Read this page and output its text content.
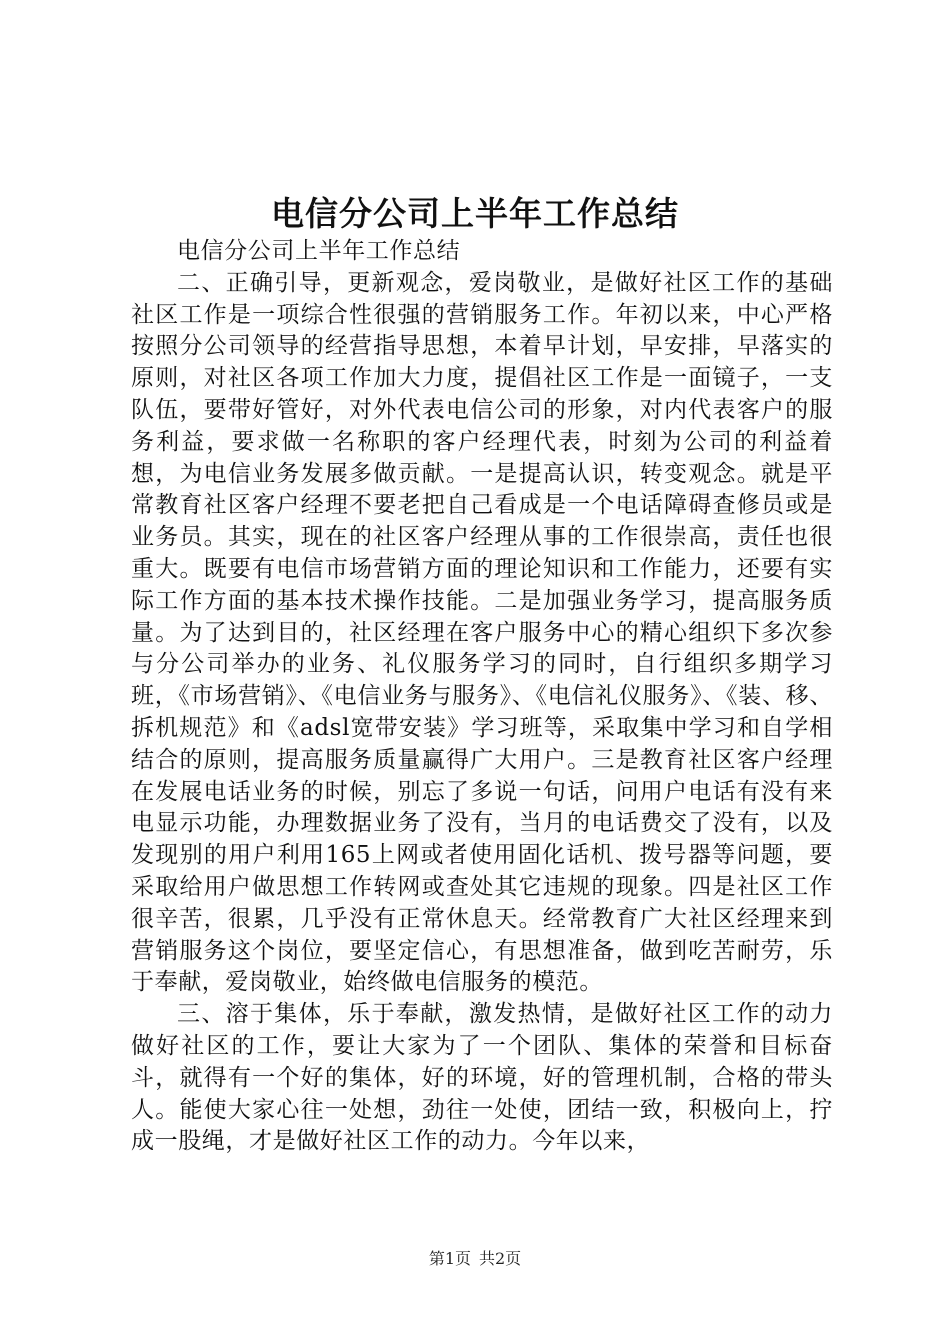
电信分公司上半年工作总结

电信分公司上半年工作总结

二、正确引导，更新观念，爱岗敬业，是做好社区工作的基础社区工作是一项综合性很强的营销服务工作。年初以来，中心严格按照分公司领导的经营指导思想，本着早计划，早安排，早落实的原则，对社区各项工作加大力度，提倡社区工作是一面镜子，一支队伍，要带好管好，对外代表电信公司的形象，对内代表客户的服务利益，要求做一名称职的客户经理代表，时刻为公司的利益着想，为电信业务发展多做贡献。一是提高认识，转变观念。就是平常教育社区客户经理不要老把自己看成是一个电话障碍查修员或是业务员。其实，现在的社区客户经理从事的工作很崇高，责任也很重大。既要有电信市场营销方面的理论知识和工作能力，还要有实际工作方面的基本技术操作技能。二是加强业务学习，提高服务质量。为了达到目的，社区经理在客户服务中心的精心组织下多次参与分公司举办的业务、礼仪服务学习的同时，自行组织多期学习班，《市场营销》、《电信业务与服务》、《电信礼仪服务》、《装、移、拆机规范》和《adsl宽带安装》学习班等，采取集中学习和自学相结合的原则，提高服务质量赢得广大用户。三是教育社区客户经理在发展电话业务的时候，别忘了多说一句话，问用户电话有没有来电显示功能，办理数据业务了没有，当月的电话费交了没有，以及发现别的用户利用165上网或者使用固化话机、拨号器等问题，要采取给用户做思想工作转网或查处其它违规的现象。四是社区工作很辛苦，很累，几乎没有正常休息天。经常教育广大社区经理来到营销服务这个岗位，要坚定信心，有思想准备，做到吃苦耐劳，乐于奉献，爱岗敬业，始终做电信服务的模范。

三、溶于集体，乐于奉献，激发热情，是做好社区工作的动力做好社区的工作，要让大家为了一个团队、集体的荣誉和目标奋斗，就得有一个好的集体，好的环境，好的管理机制，合格的带头人。能使大家心往一处想，劲往一处使，团结一致，积极向上，拧成一股绳，才是做好社区工作的动力。今年以来，

第1页 共2页
